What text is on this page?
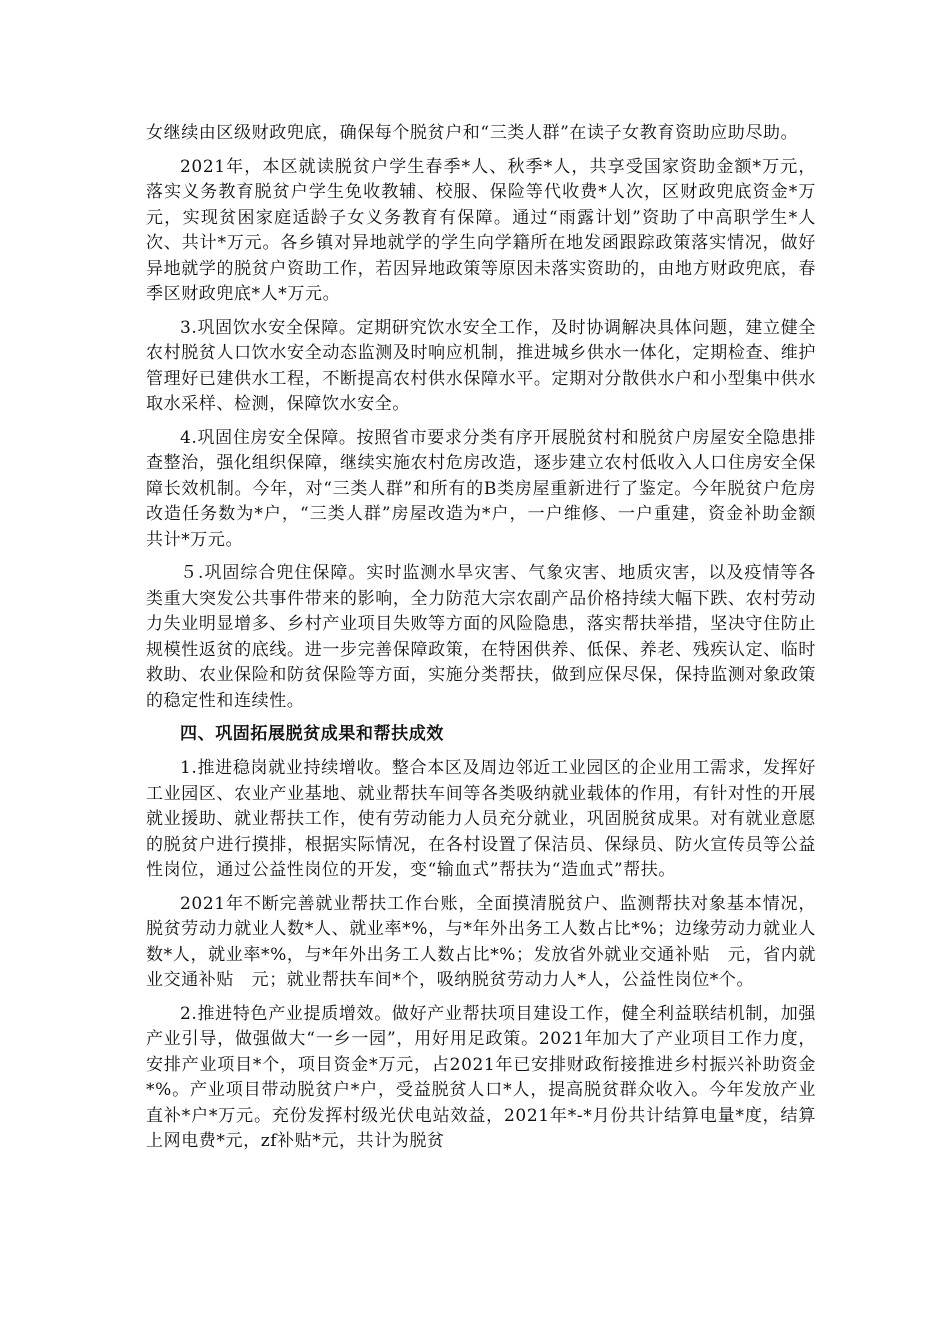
女继续由区级财政兜底，确保每个脱贫户和“三类人群”在读子女教育资助应助尽助。

2021年，本区就读脱贫户学生春季*人、秋季*人，共享受国家资助金额*万元，落实义务教育脱贫户学生免收教辅、校服、保险等代收费*人次，区财政兜底资金*万元，实现贫困家庭适龄子女义务教育有保障。通过“雨露计划”资助了中高职学生*人次、共计*万元。各乡镇对异地就学的学生向学籍所在地发函跟踪政策落实情况，做好异地就学的脱贫户资助工作，若因异地政策等原因未落实资助的，由地方财政兜底，春季区财政兜底*人*万元。

3.巩固饮水安全保障。定期研究饮水安全工作，及时协调解决具体问题，建立健全农村脱贫人口饮水安全动态监测及时响应机制，推进城乡供水一体化，定期检查、维护管理好已建供水工程，不断提高农村供水保障水平。定期对分散供水户和小型集中供水取水采样、检测，保障饮水安全。

4.巩固住房安全保障。按照省市要求分类有序开展脱贫村和脱贫户房屋安全隐患排查整治，强化组织保障，继续实施农村危房改造，逐步建立农村低收入人口住房安全保障长效机制。今年，对“三类人群”和所有的B类房屋重新进行了鉴定。今年脱贫户危房改造任务数为*户，“三类人群”房屋改造为*户，一户维修、一户重建，资金补助金额共计*万元。

５.巩固综合兜住保障。实时监测水旱灾害、气象灾害、地质灾害，以及疫情等各类重大突发公共事件带来的影响，全力防范大宗农副产品价格持续大幅下跌、农村劳动力失业明显增多、乡村产业项目失败等方面的风险隐患，落实帮扶举措，坚决守住防止规模性返贫的底线。进一步完善保障政策，在特困供养、低保、养老、残疾认定、临时救助、农业保险和防贫保险等方面，实施分类帮扶，做到应保尽保，保持监测对象政策的稳定性和连续性。

四、巩固拓展脱贫成果和帮扶成效

1.推进稳岗就业持续增收。整合本区及周边邻近工业园区的企业用工需求，发挥好工业园区、农业产业基地、就业帮扶车间等各类吸纳就业载体的作用，有针对性的开展就业援助、就业帮扶工作，使有劳动能力人员充分就业，巩固脱贫成果。对有就业意愿的脱贫户进行摸排，根据实际情况，在各村设置了保洁员、保绿员、防火宣传员等公益性岗位，通过公益性岗位的开发，变“输血式”帮扶为“造血式”帮扶。

2021年不断完善就业帮扶工作台账，全面摸清脱贫户、监测帮扶对象基本情况，脱贫劳动力就业人数*人、就业率*%，与*年外出务工人数占比*%；边缘劳动力就业人数*人，就业率*%，与*年外出务工人数占比*%；发放省外就业交通补贴　元，省内就业交通补贴　元；就业帮扶车间*个，吸纳脱贫劳动力人*人，公益性岗位*个。

2.推进特色产业提质增效。做好产业帮扶项目建设工作，健全利益联结机制，加强产业引导，做强做大“一乡一园”，用好用足政策。2021年加大了产业项目工作力度，安排产业项目*个，项目资金*万元，占2021年已安排财政衔接推进乡村振兴补助资金*%。产业项目带动脱贫户*户，受益脱贫人口*人，提高脱贫群众收入。今年发放产业直补*户*万元。充份发挥村级光伏电站效益，2021年*-*月份共计结算电量*度，结算上网电费*元，zf补贴*元，共计为脱贫
